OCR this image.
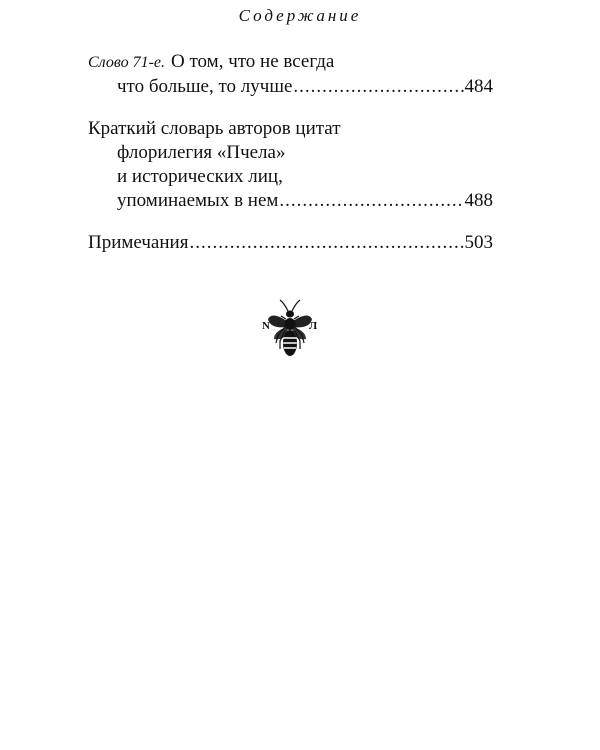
Содержание
Слово 71-е. О том, что не всегда
что больше, то лучше .....	484
Краткий словарь авторов цитат
флорилегия «Пчела»
и исторических лиц,
упоминаемых в нем .....	488
Примечания .....	503
N	Л
